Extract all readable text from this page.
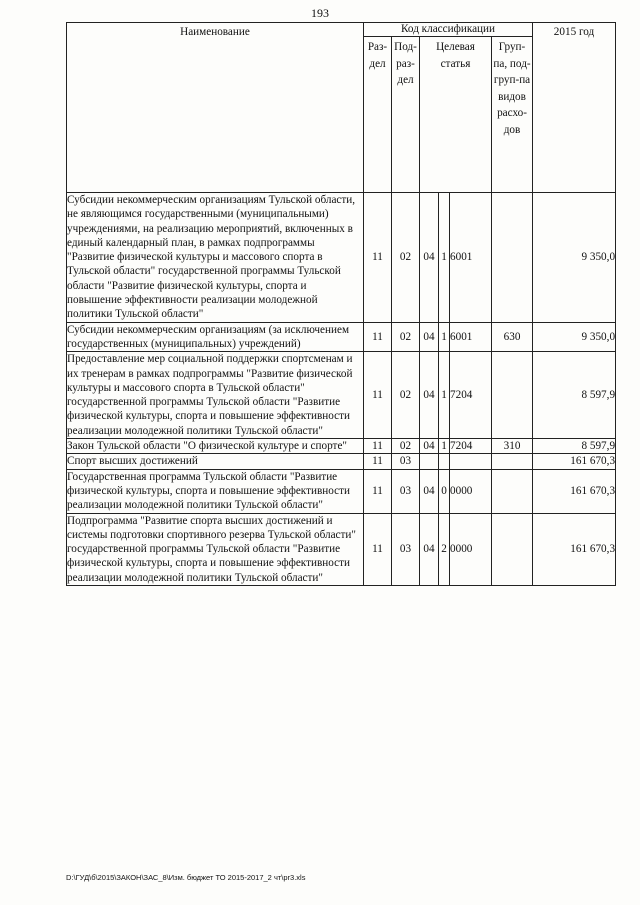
193
Наименование	Код классификации						2015 год
	Раз-дел	Под-раз-дел	Целевая статья			Груп-па, под-груп-па видов расхо-дов	
Субсидии некоммерческим организациям Тульской области, не являющимся государственными (муниципальными) учреждениями, на реализацию мероприятий, включенных в единый календарный план, в рамках подпрограммы "Развитие физической культуры и массового спорта в Тульской области" государственной программы Тульской области "Развитие физической культуры, спорта и повышение эффективности реализации молодежной политики Тульской области"	11	02	04	1	6001		9 350,0
Субсидии некоммерческим организациям (за исключением государственных (муниципальных) учреждений)	11	02	04	1	6001	630	9 350,0
Предоставление мер социальной поддержки спортсменам и их тренерам в рамках подпрограммы "Развитие физической культуры и массового спорта в Тульской области" государственной программы Тульской области "Развитие физической культуры, спорта и повышение эффективности реализации молодежной политики Тульской области"	11	02	04	1	7204		8 597,9
Закон Тульской области "О физической культуре и спорте"	11	02	04	1	7204	310	8 597,9
Спорт высших достижений	11	03					161 670,3
Государственная программа Тульской области "Развитие физической культуры, спорта и повышение эффективности реализации молодежной политики Тульской области"	11	03	04	0	0000		161 670,3
Подпрограмма "Развитие спорта высших достижений и системы подготовки спортивного резерва Тульской области" государственной программы Тульской области "Развитие физической культуры, спорта и повышение эффективности реализации молодежной политики Тульской области"	11	03	04	2	0000		161 670,3
D:\ГУД\б\2015\ЗАКОН\ЗАС_8\Изм. бюджет ТО 2015-2017_2 чт\pr3.xls
